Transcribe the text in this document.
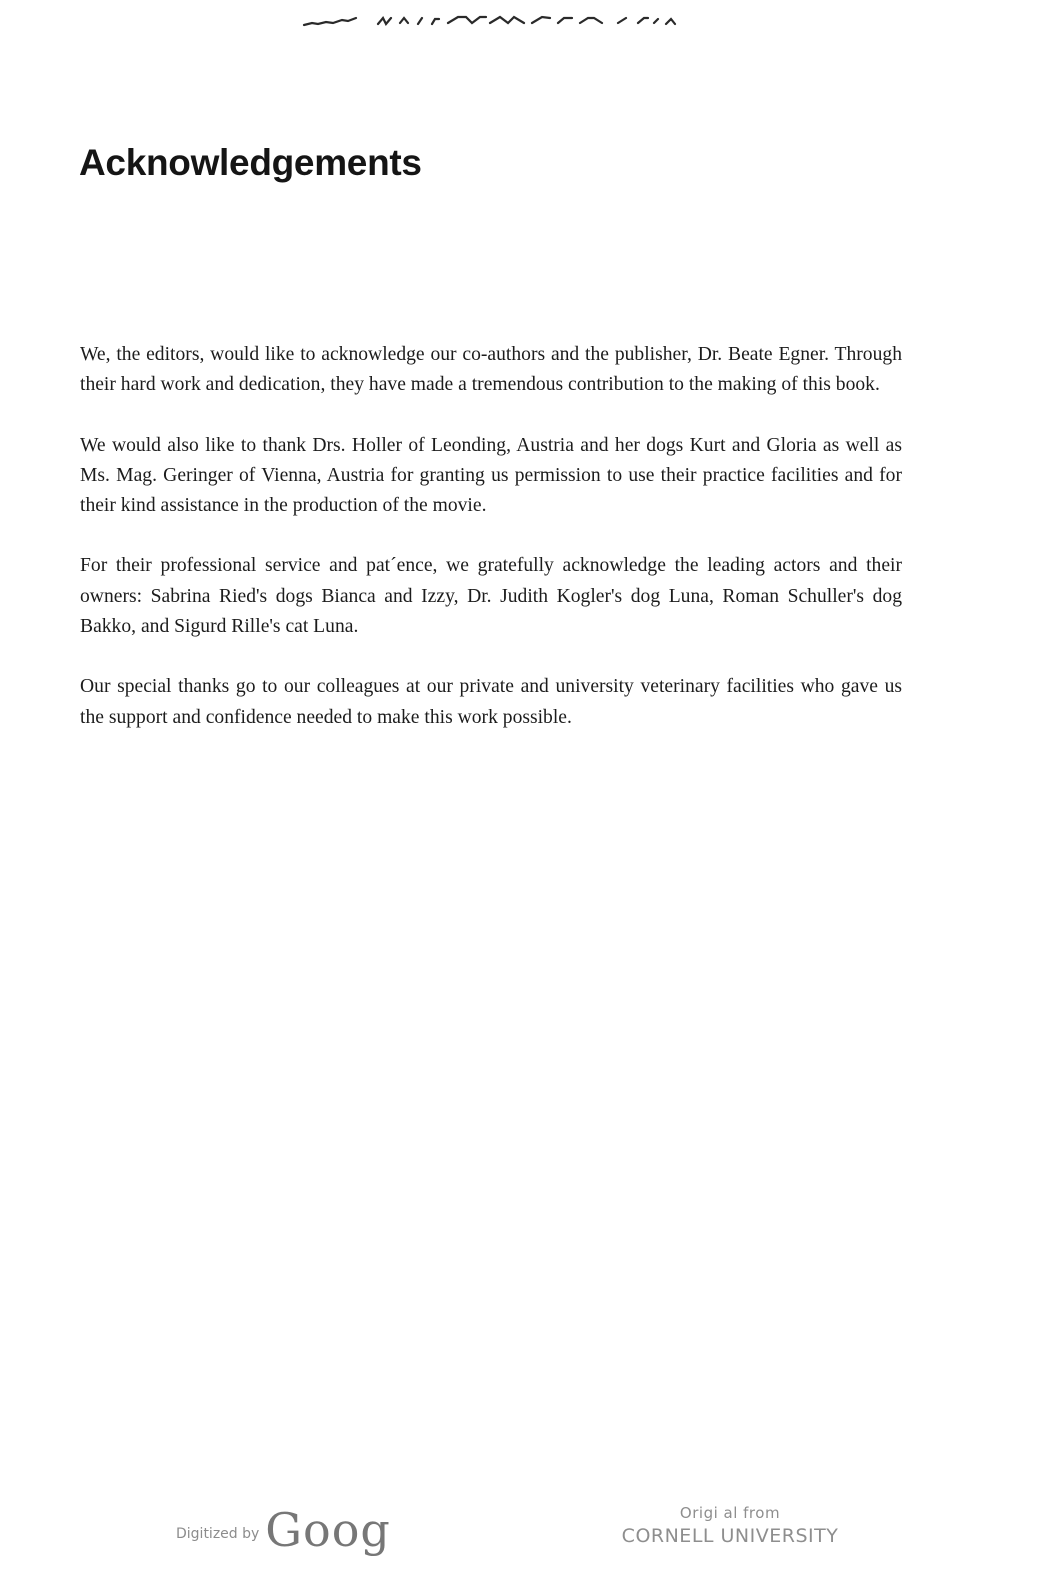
Acknowledgements

We, the editors, would like to acknowledge our co-authors and the publisher, Dr. Beate Egner. Through their hard work and dedication, they have made a tremendous contribution to the making of this book.

We would also like to thank Drs. Holler of Leonding, Austria and her dogs Kurt and Gloria as well as Ms. Mag. Geringer of Vienna, Austria for granting us permission to use their practice facilities and for their kind assistance in the production of the movie.

For their professional service and pat´ence, we gratefully acknowledge the leading actors and their owners: Sabrina Ried's dogs Bianca and Izzy, Dr. Judith Kogler's dog Luna, Roman Schuller's dog Bakko, and Sigurd Rille's cat Luna.

Our special thanks go to our colleagues at our private and university veterinary facilities who gave us the support and confidence needed to make this work possible.

Digitized by Goog	Origi al from
CORNELL UNIVERSITY
